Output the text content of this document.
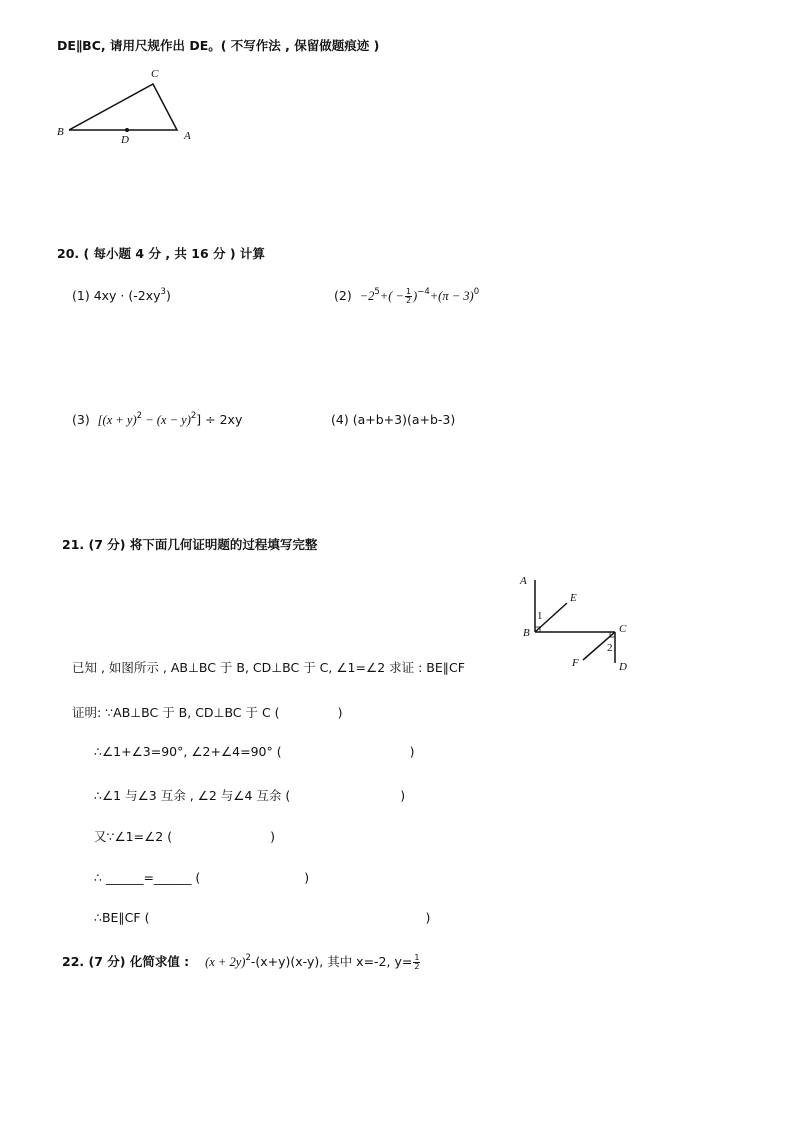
DE∥BC, 请用尺规作出 DE。( 不写作法 , 保留做题痕迹 )
C
B
D	A
20. ( 每小题 4 分 , 共 16 分 ) 计算
(1) $4xy \cdot (-2xy^3)$	$(2) -2^5+( - \frac{1}{2} )^{-4}+(\pi - 3)^0$
(3) $[(x + y)^2 - (x - y)^2] \div 2xy$	(4) (a+b+3)(a+b-3)
21. (7 分) 将下面几何证明题的过程填写完整
A
E
1
B	C
2
F	D
已知 , 如图所示 , AB⊥BC 于 B, CD⊥BC 于 C, ∠1=∠2 求证 : BE∥CF
证明: ∵AB⊥BC 于 B, CD⊥BC 于 C (	)
∴∠1+∠3=90°, ∠2+∠4=90° (	)
∴∠1 与∠3 互余 , ∠2 与∠4 互余 (	)
又∵∠1=∠2 (	)
∴ ______=______ (	)
∴BE∥CF (	)
22. (7 分) 化简求值 : $(x + 2y)^2-(x+y)(x-y)$, 其中 x=-2, $y= \frac{1}{2}$
